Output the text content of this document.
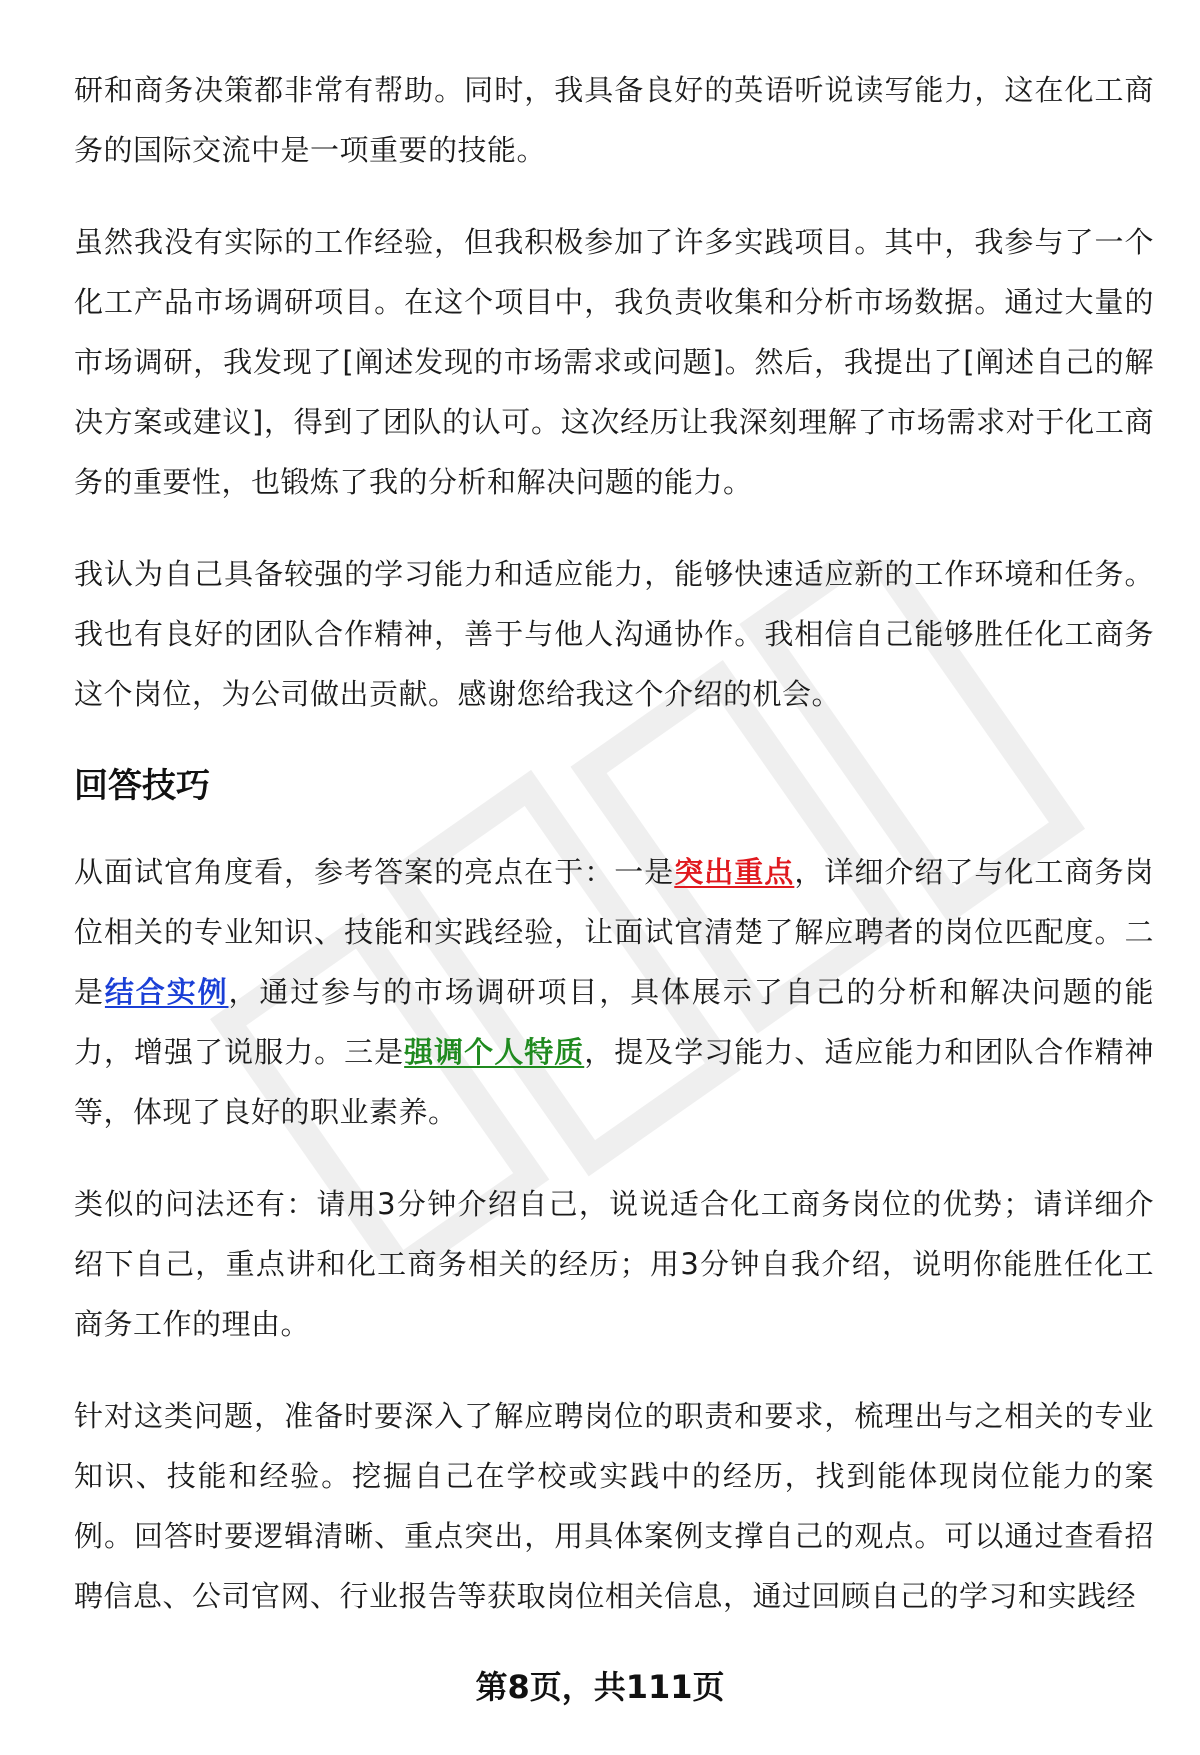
研和商务决策都非常有帮助。同时，我具备良好的英语听说读写能力，这在化工商务的国际交流中是一项重要的技能。

虽然我没有实际的工作经验，但我积极参加了许多实践项目。其中，我参与了一个化工产品市场调研项目。在这个项目中，我负责收集和分析市场数据。通过大量的市场调研，我发现了[阐述发现的市场需求或问题]。然后，我提出了[阐述自己的解决方案或建议]，得到了团队的认可。这次经历让我深刻理解了市场需求对于化工商务的重要性，也锻炼了我的分析和解决问题的能力。

我认为自己具备较强的学习能力和适应能力，能够快速适应新的工作环境和任务。我也有良好的团队合作精神，善于与他人沟通协作。我相信自己能够胜任化工商务这个岗位，为公司做出贡献。感谢您给我这个介绍的机会。

回答技巧

从面试官角度看，参考答案的亮点在于：一是突出重点，详细介绍了与化工商务岗位相关的专业知识、技能和实践经验，让面试官清楚了解应聘者的岗位匹配度。二是结合实例，通过参与的市场调研项目，具体展示了自己的分析和解决问题的能力，增强了说服力。三是强调个人特质，提及学习能力、适应能力和团队合作精神等，体现了良好的职业素养。

类似的问法还有：请用3分钟介绍自己，说说适合化工商务岗位的优势；请详细介绍下自己，重点讲和化工商务相关的经历；用3分钟自我介绍，说明你能胜任化工商务工作的理由。

针对这类问题，准备时要深入了解应聘岗位的职责和要求，梳理出与之相关的专业知识、技能和经验。挖掘自己在学校或实践中的经历，找到能体现岗位能力的案例。回答时要逻辑清晰、重点突出，用具体案例支撑自己的观点。可以通过查看招聘信息、公司官网、行业报告等获取岗位相关信息，通过回顾自己的学习和实践经

第8页，共111页
